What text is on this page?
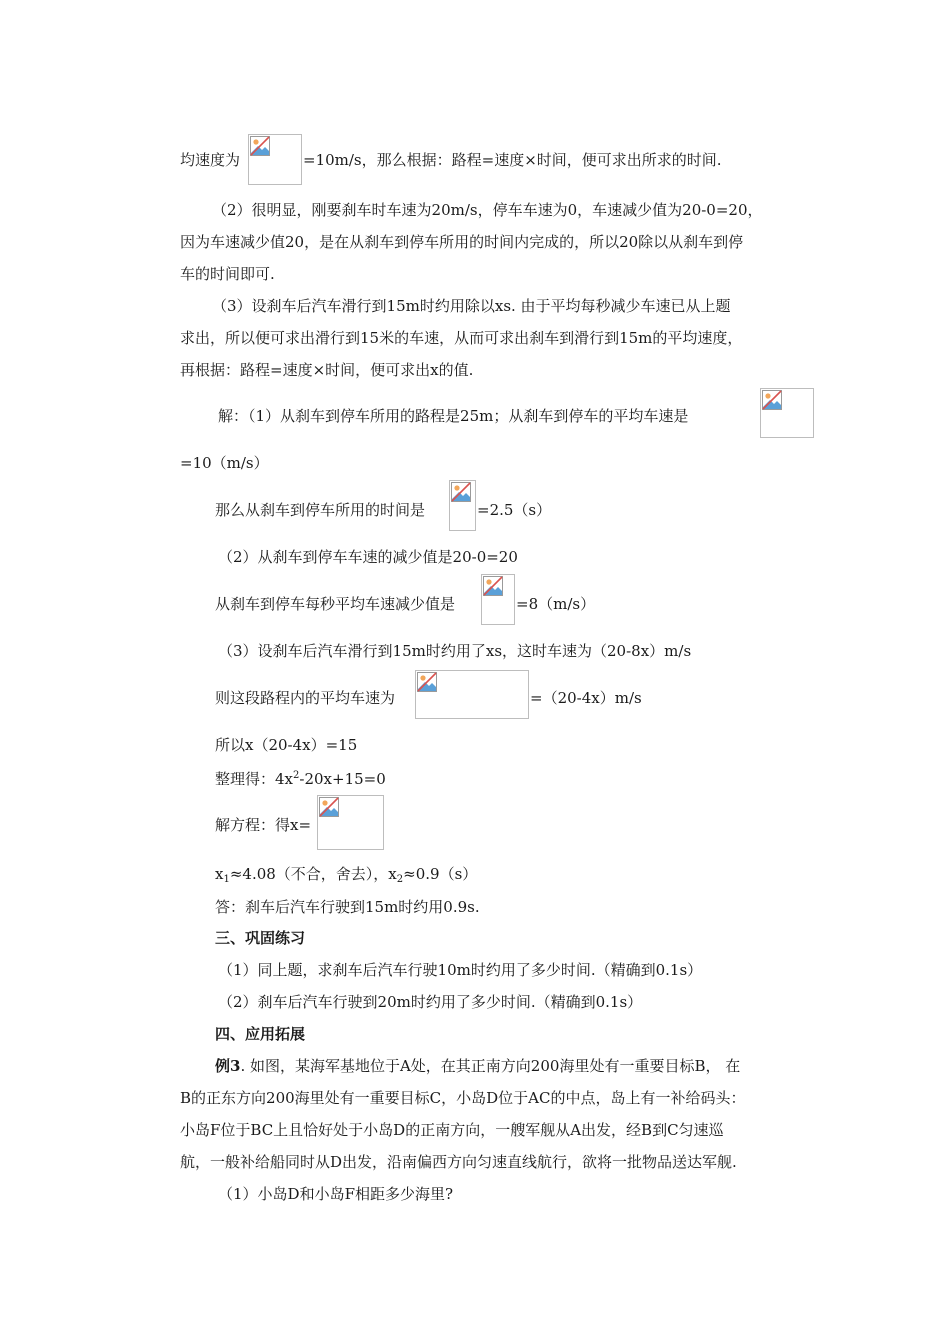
均速度为	=10m/s，那么根据：路程=速度×时间，便可求出所求的时间.
（2）很明显，刚要刹车时车速为20m/s，停车车速为0，车速减少值为20-0=20，
因为车速减少值20，是在从刹车到停车所用的时间内完成的，所以20除以从刹车到停
车的时间即可.
（3）设刹车后汽车滑行到15m时约用除以xs. 由于平均每秒减少车速已从上题
求出，所以便可求出滑行到15米的车速，从而可求出刹车到滑行到15m的平均速度，
再根据：路程=速度×时间，便可求出x的值.
解：（1）从刹车到停车所用的路程是25m；从刹车到停车的平均车速是
=10（m/s）
那么从刹车到停车所用的时间是	=2.5（s）
（2）从刹车到停车车速的减少值是20-0=20
从刹车到停车每秒平均车速减少值是	=8（m/s）
（3）设刹车后汽车滑行到15m时约用了xs，这时车速为（20-8x）m/s
则这段路程内的平均车速为	=（20-4x）m/s
所以x（20-4x）=15
整理得：$4x^2-20x+15=0$
解方程：得x=
$x_1\approx 4.08$（不合，舍去），$x_2\approx 0.9(s)$
答：刹车后汽车行驶到15m时约用0.9s.
三、巩固练习
（1）同上题，求刹车后汽车行驶10m时约用了多少时间.（精确到0.1s）
（2）刹车后汽车行驶到20m时约用了多少时间.（精确到0.1s）
四、应用拓展
例3. 如图，某海军基地位于A处，在其正南方向200海里处有一重要目标B， 在
B的正东方向200海里处有一重要目标C，小岛D位于AC的中点，岛上有一补给码头：
小岛F位于BC上且恰好处于小岛D的正南方向，一艘军舰从A出发，经B到C匀速巡
航，一般补给船同时从D出发，沿南偏西方向匀速直线航行，欲将一批物品送达军舰.
（1）小岛D和小岛F相距多少海里?
